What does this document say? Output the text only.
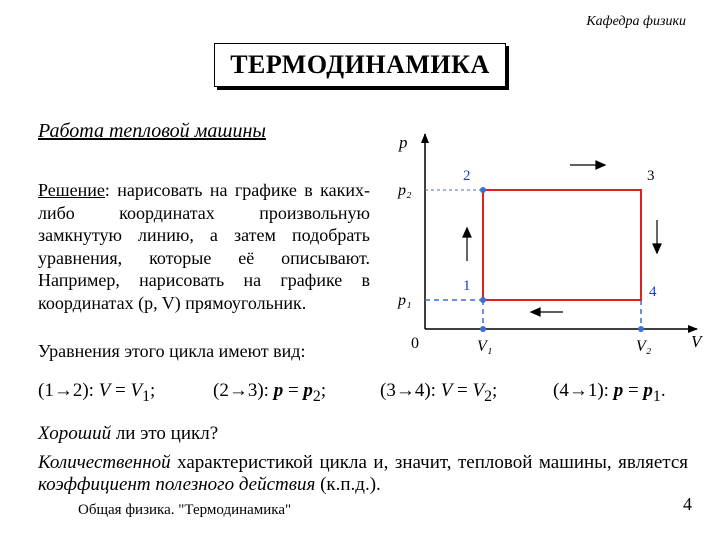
Кафедра физики
ТЕРМОДИНАМИКА
Работа тепловой машины
Решение: нарисовать на графике в каких-либо координатах произвольную замкнутую линию, а затем подобрать уравнения, которые её описывают. Например, нарисовать на графике в координатах (p, V) прямоугольник.
Уравнения этого цикла имеют вид:
(1→2): $V = V_1$;	(2→3): $p = p_2$;	(3→4): $V = V_2$;	(4→1): $p = p_1$.
Хороший ли это цикл?
Количественной характеристикой цикла и, значит, тепловой машины, является коэффициент полезного действия (к.п.д.).
Общая физика. "Термодинамика"	4
p
V
0
p₂
p₁
V₁	V₂
1
2	3
4
